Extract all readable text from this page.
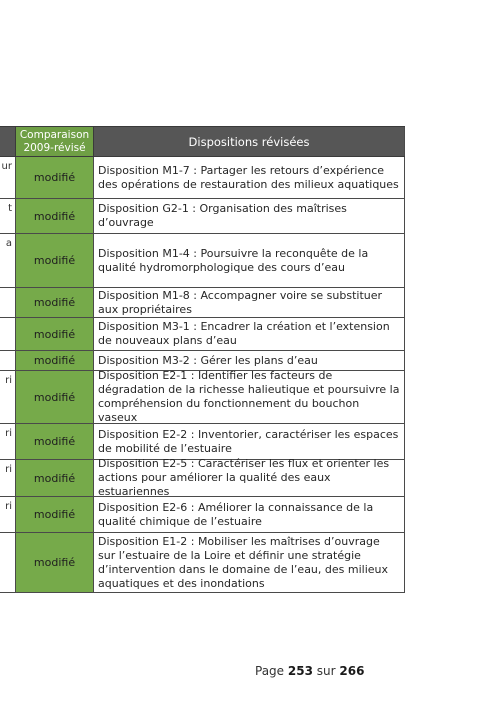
Comparaison
2009-révisé	Dispositions révisées
ur
modifié
Disposition M1-7 : Partager les retours d’expérience des opérations de restauration des milieux aquatiques
t
modifié
Disposition G2-1 : Organisation des maîtrises d’ouvrage
a
modifié
Disposition M1-4 : Poursuivre la reconquête de la qualité hydromorphologique des cours d’eau
modifié
Disposition M1-8 : Accompagner voire se substituer aux propriétaires
modifié
Disposition M3-1 : Encadrer la création et l’extension de nouveaux plans d’eau
modifié	Disposition M3-2 : Gérer les plans d’eau
ri
modifié
Disposition E2-1 : Identifier les facteurs de dégradation de la richesse halieutique et poursuivre la compréhension du fonctionnement du bouchon vaseux
ri
modifié
Disposition E2-2 : Inventorier, caractériser les espaces de mobilité de l’estuaire
ri
modifié
Disposition E2-5 : Caractériser les flux et orienter les actions pour améliorer la qualité des eaux estuariennes
ri
modifié
Disposition E2-6 : Améliorer la connaissance de la qualité chimique de l’estuaire
modifié
Disposition E1-2 : Mobiliser les maîtrises d’ouvrage sur l’estuaire de la Loire et définir une stratégie d’intervention dans le domaine de l’eau, des milieux aquatiques et des inondations
Page 253 sur 266
